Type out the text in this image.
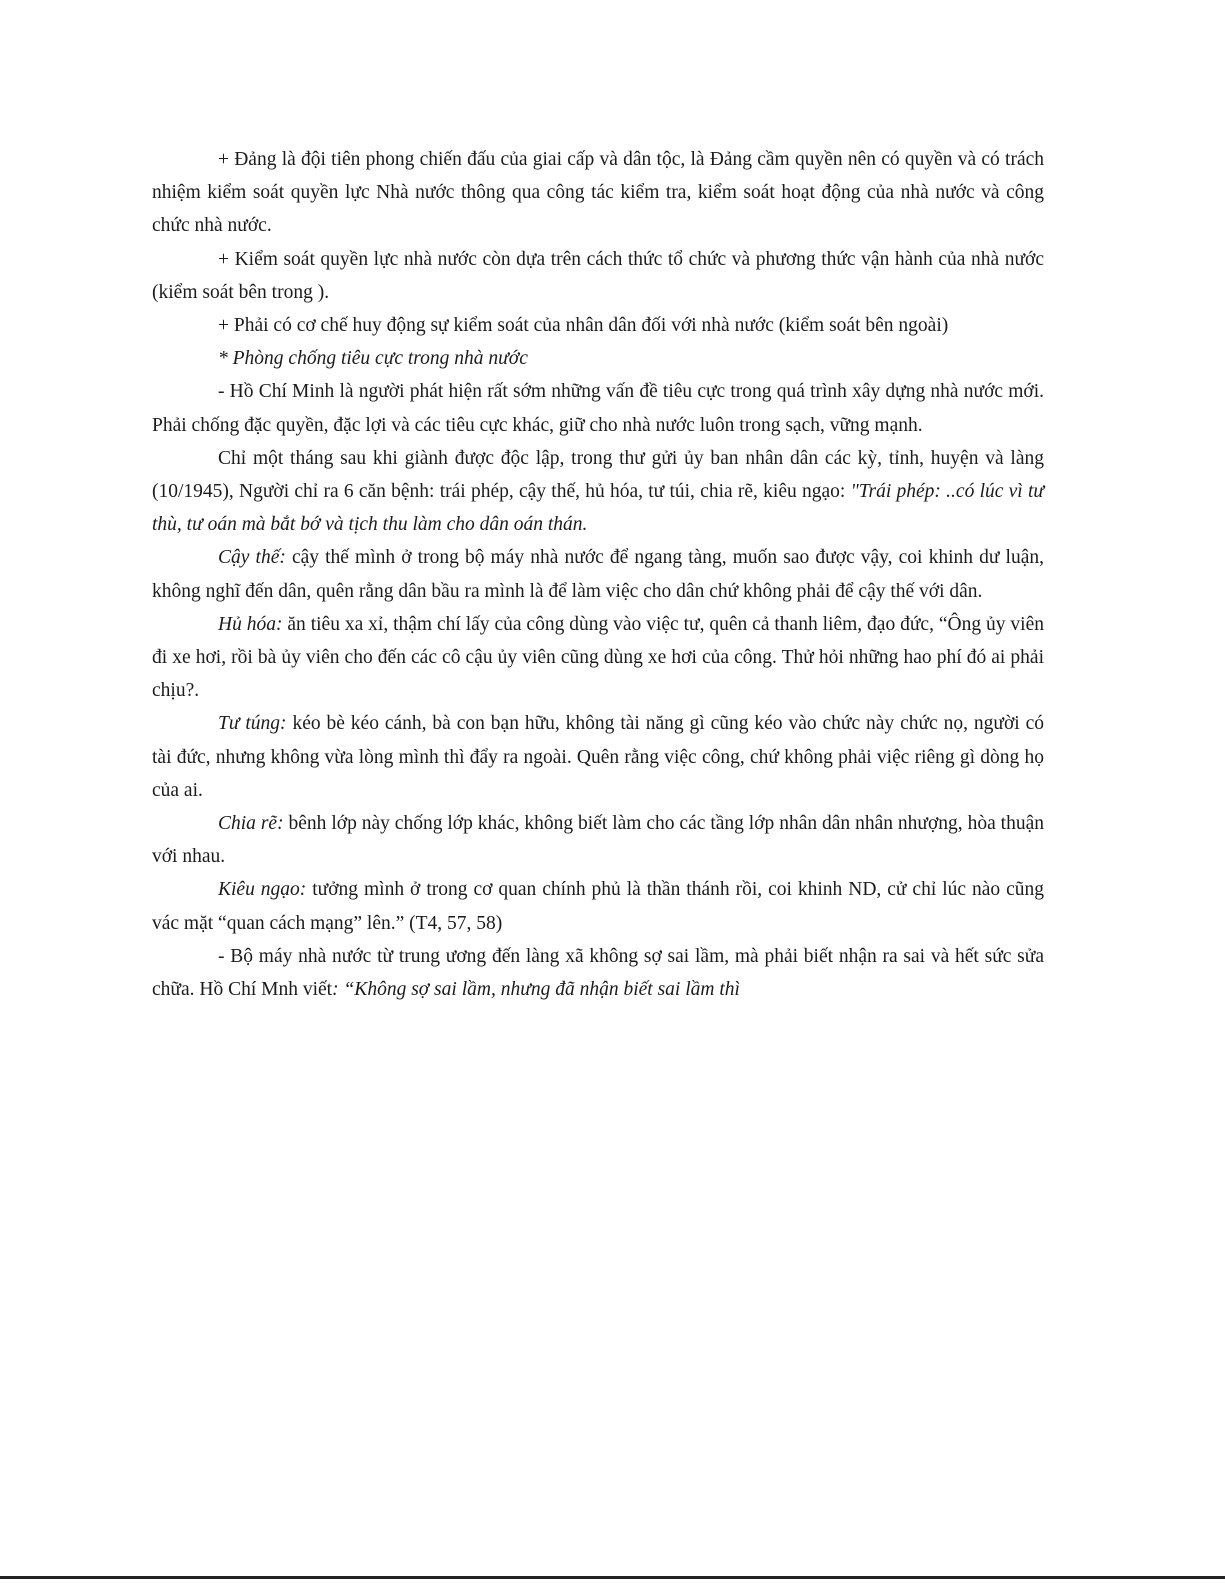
+ Đảng là đội tiên phong chiến đấu của giai cấp và dân tộc, là Đảng cầm quyền nên có quyền và có trách nhiệm kiểm soát quyền lực Nhà nước thông qua công tác kiểm tra, kiểm soát hoạt động của nhà nước và công chức nhà nước.

+ Kiểm soát quyền lực nhà nước còn dựa trên cách thức tổ chức và phương thức vận hành của nhà nước (kiểm soát bên trong ).

+ Phải có cơ chế huy động sự kiểm soát của nhân dân đối với nhà nước (kiểm soát bên ngoài)

* Phòng chống tiêu cực trong nhà nước

- Hồ Chí Minh là người phát hiện rất sớm những vấn đề tiêu cực trong quá trình xây dựng nhà nước mới. Phải chống đặc quyền, đặc lợi và các tiêu cực khác, giữ cho nhà nước luôn trong sạch, vững mạnh.

Chỉ một tháng sau khi giành được độc lập, trong thư gửi ủy ban nhân dân các kỳ, tỉnh, huyện và làng (10/1945), Người chỉ ra 6 căn bệnh: trái phép, cậy thế, hủ hóa, tư túi, chia rẽ, kiêu ngạo: "Trái phép: ..có lúc vì tư thù, tư oán mà bắt bớ và tịch thu làm cho dân oán thán.

Cậy thế: cậy thế mình ở trong bộ máy nhà nước để ngang tàng, muốn sao được vậy, coi khinh dư luận, không nghĩ đến dân, quên rằng dân bầu ra mình là để làm việc cho dân chứ không phải để cậy thế với dân.

Hủ hóa: ăn tiêu xa xỉ, thậm chí lấy của công dùng vào việc tư, quên cả thanh liêm, đạo đức, “Ông ủy viên đi xe hơi, rồi bà ủy viên cho đến các cô cậu ủy viên cũng dùng xe hơi của công. Thử hỏi những hao phí đó ai phải chịu?.

Tư túng: kéo bè kéo cánh, bà con bạn hữu, không tài năng gì cũng kéo vào chức này chức nọ, người có tài đức, nhưng không vừa lòng mình thì đẩy ra ngoài. Quên rằng việc công, chứ không phải việc riêng gì dòng họ của ai.

Chia rẽ: bênh lớp này chống lớp khác, không biết làm cho các tầng lớp nhân dân nhân nhượng, hòa thuận với nhau.

Kiêu ngạo: tưởng mình ở trong cơ quan chính phủ là thần thánh rồi, coi khinh ND, cử chỉ lúc nào cũng vác mặt “quan cách mạng” lên.” (T4, 57, 58)

- Bộ máy nhà nước từ trung ương đến làng xã không sợ sai lầm, mà phải biết nhận ra sai và hết sức sửa chữa. Hồ Chí Mnh viết: “Không sợ sai lầm, nhưng đã nhận biết sai lầm thì
